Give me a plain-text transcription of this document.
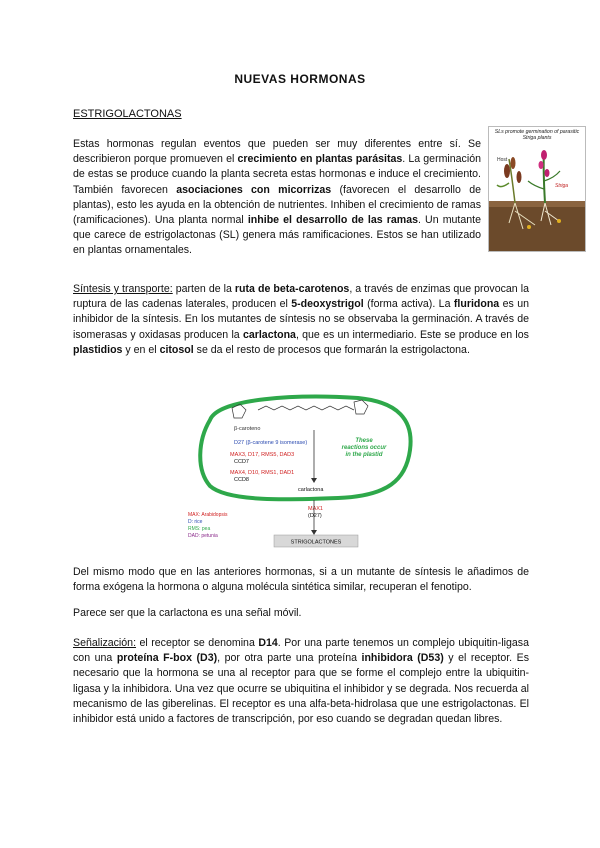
NUEVAS HORMONAS
ESTRIGOLACTONAS
Estas hormonas regulan eventos que pueden ser muy diferentes entre sí. Se describieron porque promueven el crecimiento en plantas parásitas. La germinación de estas se produce cuando la planta secreta estas hormonas e induce el crecimiento. También favorecen asociaciones con micorrizas (favorecen el desarrollo de plantas), esto les ayuda en la obtención de nutrientes. Inhiben el crecimiento de ramas (ramificaciones). Una planta normal inhibe el desarrollo de las ramas. Un mutante que carece de estrigolactonas (SL) genera más ramificaciones. Estos se han utilizado en plantas ornamentales.
SLs promote germination of parasitic Striga plants
Host
Striga
Síntesis y transporte: parten de la ruta de beta-carotenos, a través de enzimas que provocan la ruptura de las cadenas laterales, producen el 5-deoxystrigol (forma activa). La fluridona es un inhibidor de la síntesis. En los mutantes de síntesis no se observaba la germinación. A través de isomerasas y oxidasas producen la carlactona, que es un intermediario. Este se produce en los plastidios y en el citosol se da el resto de procesos que formarán la estrigolactona.
β-caroteno
D27 (β-carotene 9 isomerase)
MAX3, D17, RMS5, DAD3
CCD7
MAX4, D10, RMS1, DAD1
CCD8
carlactona
These reactions occur in the plastid
MAX1
(D27)
MAX: Arabidopsis
D: rice
RMS: pea
DAD: petunia
STRIGOLACTONES
Del mismo modo que en las anteriores hormonas, si a un mutante de síntesis le añadimos de forma exógena la hormona o alguna molécula sintética similar, recuperan el fenotipo.
Parece ser que la carlactona es una señal móvil.
Señalización: el receptor se denomina D14. Por una parte tenemos un complejo ubiquitin-ligasa con una proteína F-box (D3), por otra parte una proteína inhibidora (D53) y el receptor. Es necesario que la hormona se una al receptor para que se forme el complejo entre la ubiquitin-ligasa y la inhibidora. Una vez que ocurre se ubiquitina el inhibidor y se degrada. Nos recuerda al mecanismo de las giberelinas. El receptor es una alfa-beta-hidrolasa que une estrigolactonas. El inhibidor está unido a factores de transcripción, por eso cuando se degradan quedan libres.
